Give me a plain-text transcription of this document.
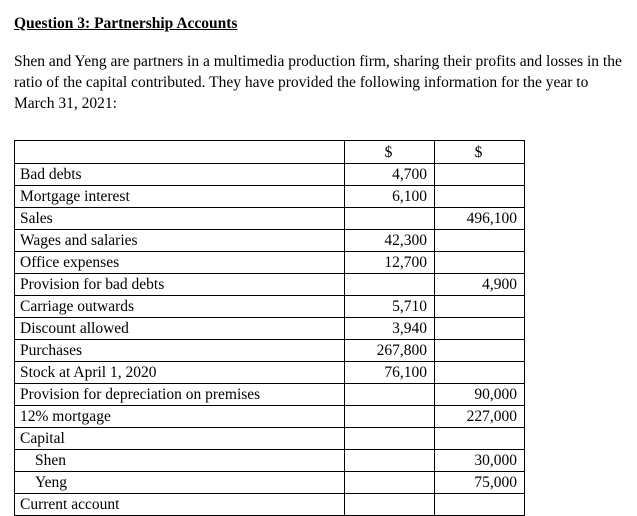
Question 3: Partnership Accounts

Shen and Yeng are partners in a multimedia production firm, sharing their profits and losses in the ratio of the capital contributed. They have provided the following information for the year to March 31, 2021:

	$	$
Bad debts	4,700	
Mortgage interest	6,100	
Sales		496,100
Wages and salaries	42,300	
Office expenses	12,700	
Provision for bad debts		4,900
Carriage outwards	5,710	
Discount allowed	3,940	
Purchases	267,800	
Stock at April 1, 2020	76,100	
Provision for depreciation on premises		90,000
12% mortgage		227,000
Capital		
Shen		30,000
Yeng		75,000
Current account		
